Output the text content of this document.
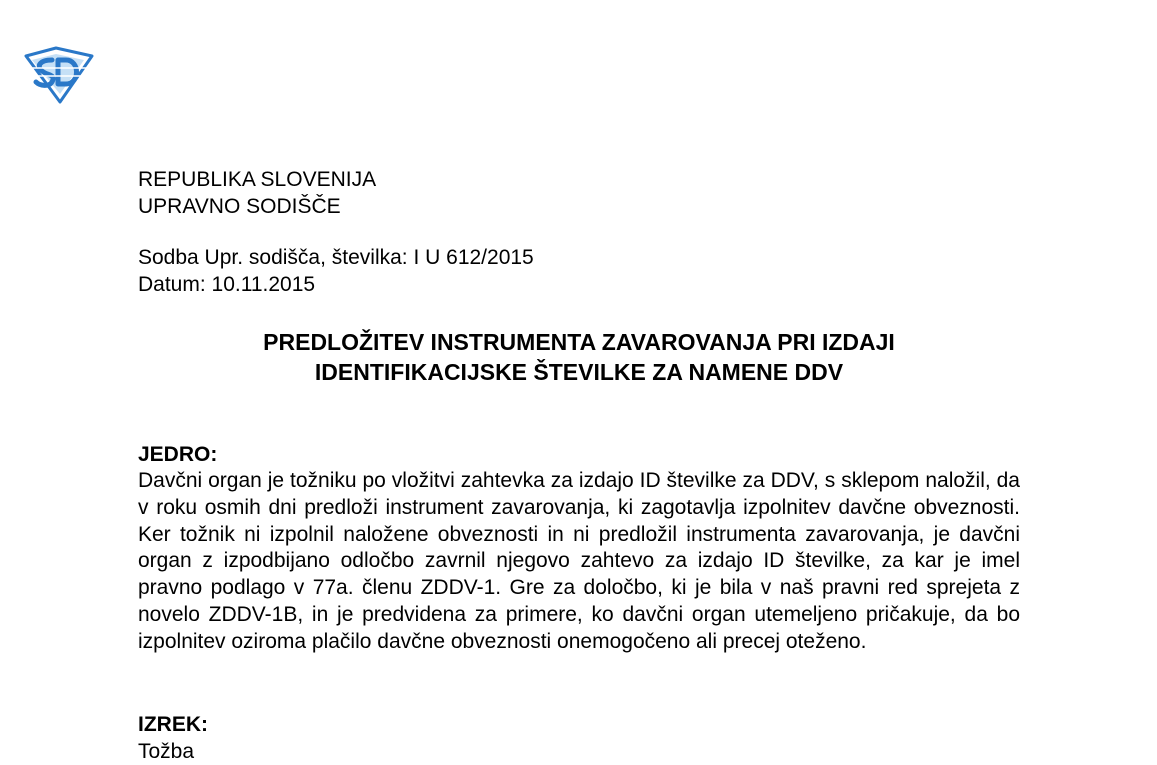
REPUBLIKA SLOVENIJA
UPRAVNO SODIŠČE
Sodba Upr. sodišča, številka: I U 612/2015
Datum: 10.11.2015
PREDLOŽITEV INSTRUMENTA ZAVAROVANJA PRI IZDAJI
IDENTIFIKACIJSKE ŠTEVILKE ZA NAMENE DDV
JEDRO:

Davčni organ je tožniku po vložitvi zahtevka za izdajo ID številke za DDV, s sklepom naložil, da v roku osmih dni predloži instrument zavarovanja, ki zagotavlja izpolnitev davčne obveznosti. Ker tožnik ni izpolnil naložene obveznosti in ni predložil instrumenta zavarovanja, je davčni organ z izpodbijano odločbo zavrnil njegovo zahtevo za izdajo ID številke, za kar je imel pravno podlago v 77a. členu ZDDV-1. Gre za določbo, ki je bila v naš pravni red sprejeta z novelo ZDDV-1B, in je predvidena za primere, ko davčni organ utemeljeno pričakuje, da bo izpolnitev oziroma plačilo davčne obveznosti onemogočeno ali precej oteženo.

IZREK:
Tožba
